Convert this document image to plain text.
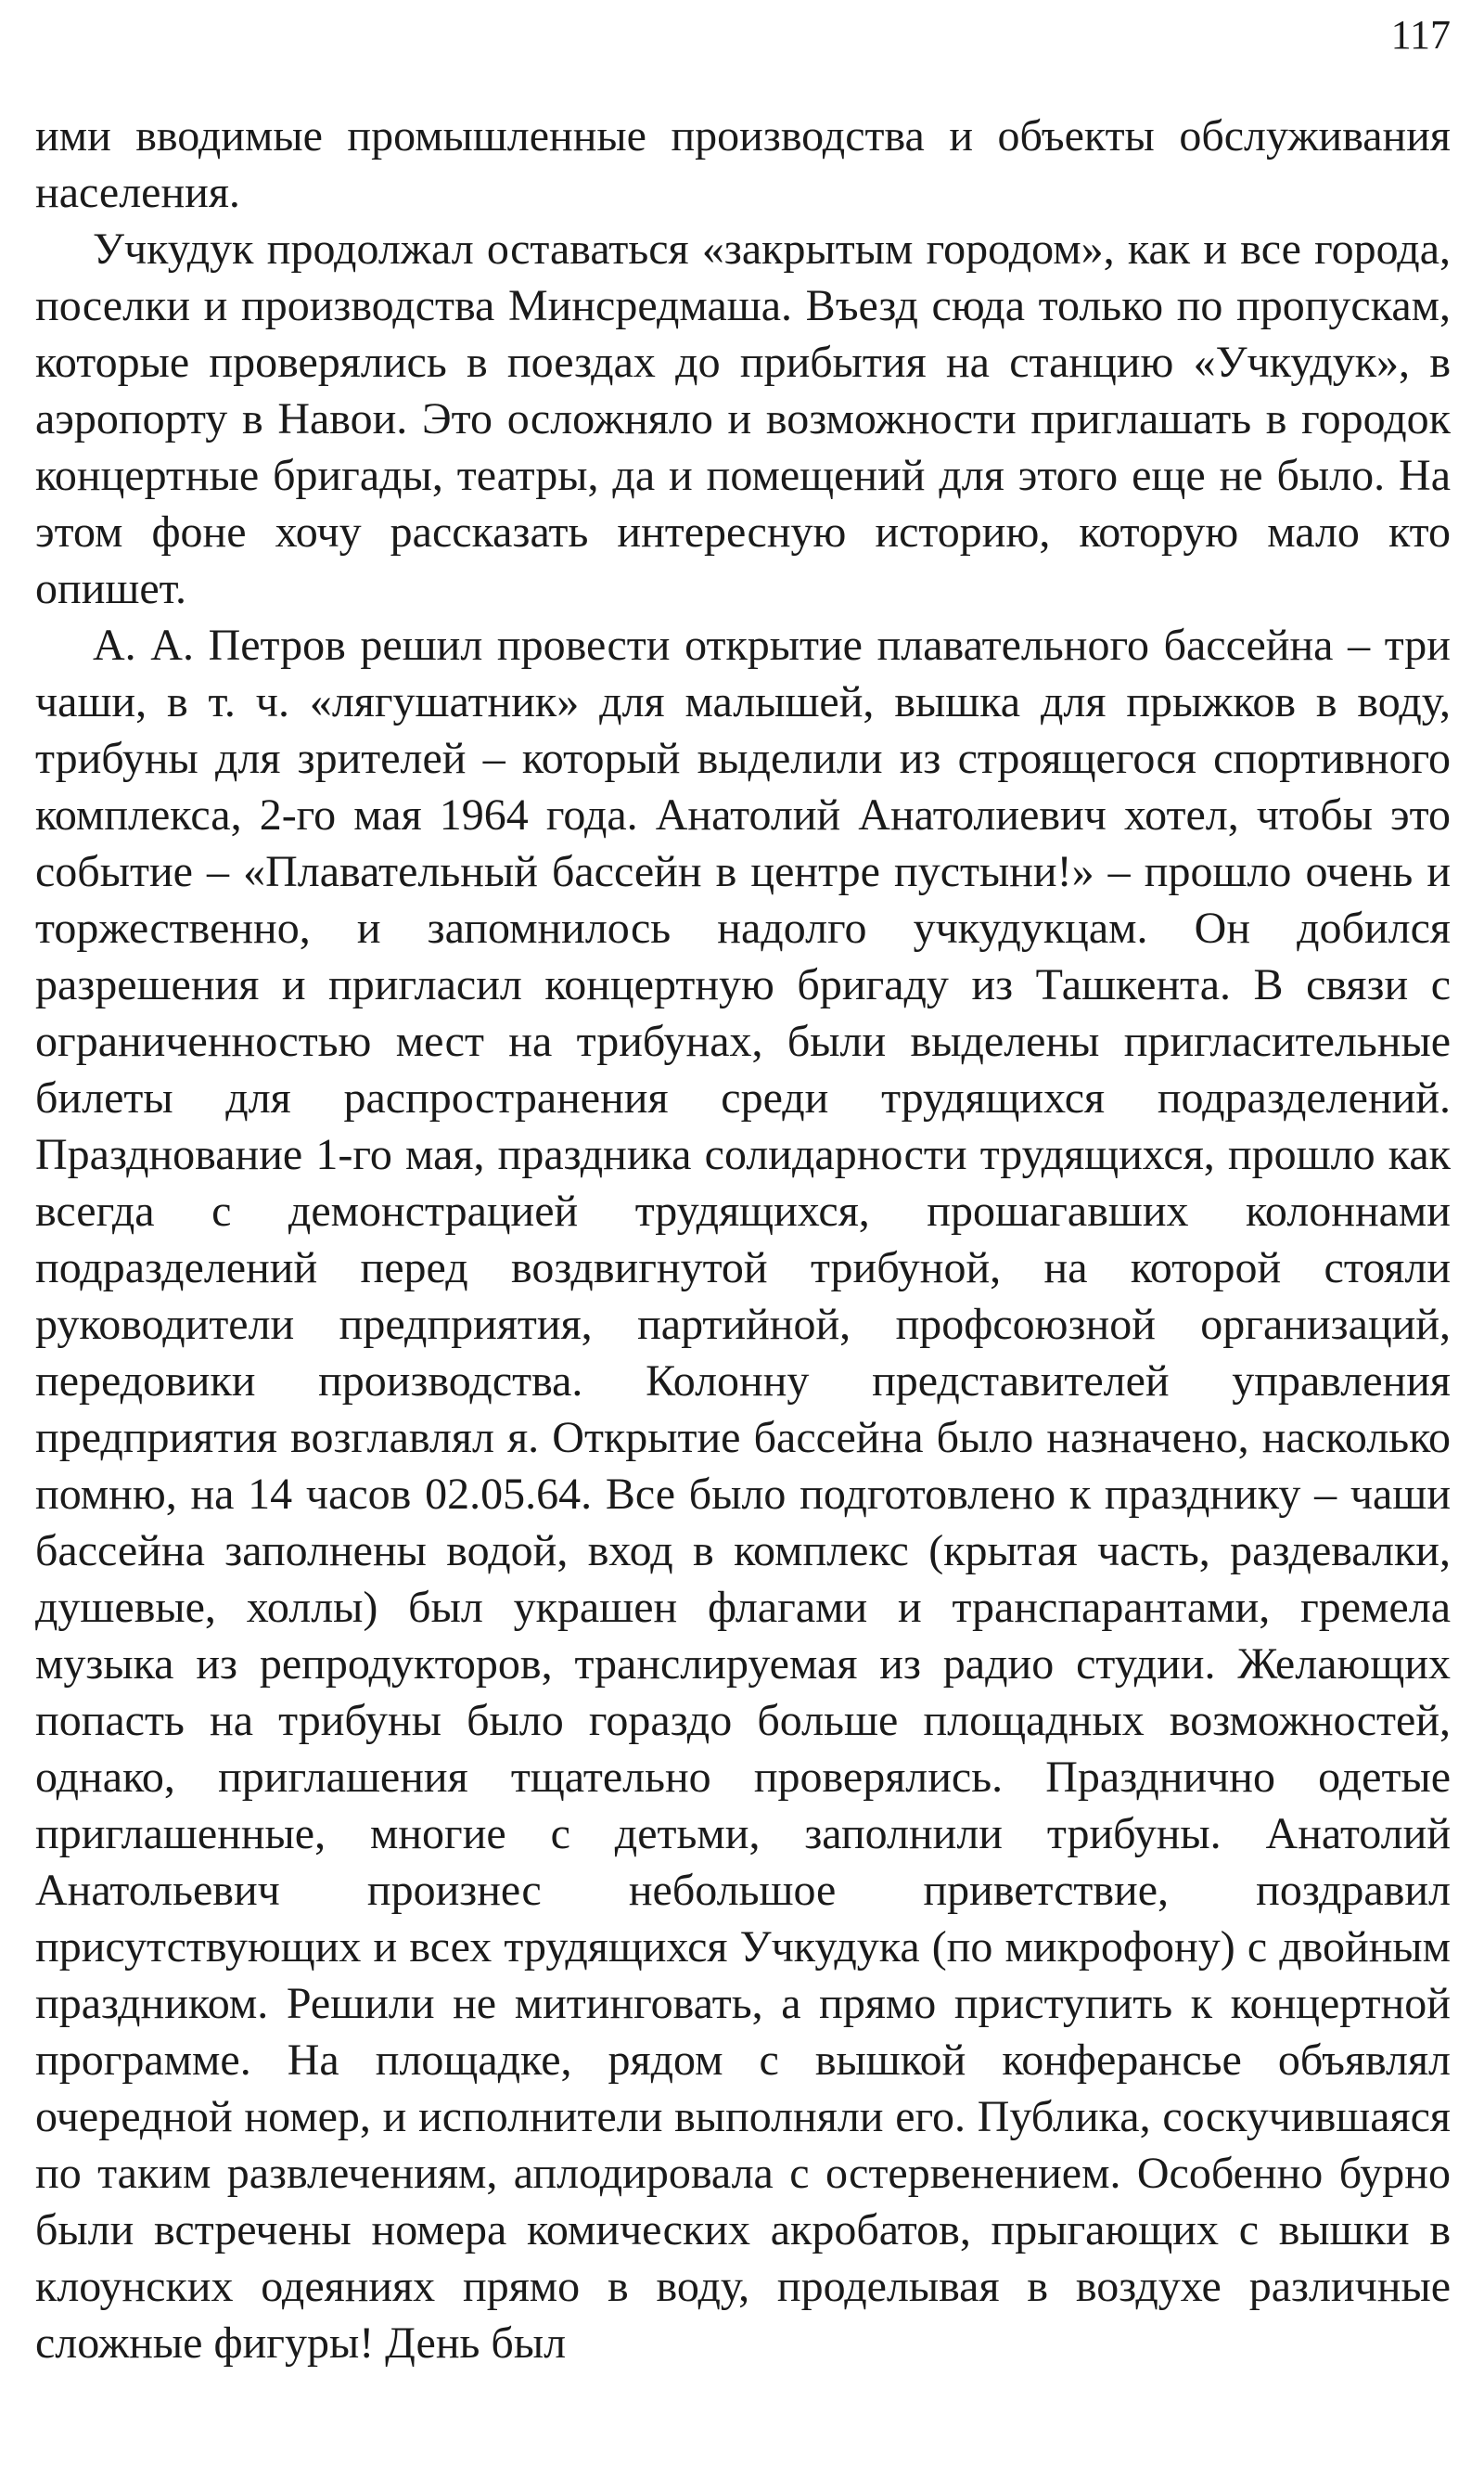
117

ими вводимые промышленные производства и объекты обслуживания населения.

Учкудук продолжал оставаться «закрытым городом», как и все города, поселки и производства Минсредмаша. Въезд сюда только по пропускам, которые проверялись в поездах до прибытия на станцию «Учкудук», в аэропорту в Навои. Это осложняло и возможности приглашать в городок концертные бригады, театры, да и помещений для этого еще не было. На этом фоне хочу рассказать интересную историю, которую мало кто опишет.

А. А. Петров решил провести открытие плавательного бассейна – три чаши, в т. ч. «лягушатник» для малышей, вышка для прыжков в воду, трибуны для зрителей – который выделили из строящегося спортивного комплекса, 2-го мая 1964 года. Анатолий Анатолиевич хотел, чтобы это событие – «Плавательный бассейн в центре пустыни!» – прошло очень и торжественно, и запомнилось надолго учкудукцам. Он добился разрешения и пригласил концертную бригаду из Ташкента. В связи с ограниченностью мест на трибунах, были выделены пригласительные билеты для распространения среди трудящихся подразделений. Празднование 1-го мая, праздника солидарности трудящихся, прошло как всегда с демонстрацией трудящихся, прошагавших колоннами подразделений перед воздвигнутой трибуной, на которой стояли руководители предприятия, партийной, профсоюзной организаций, передовики производства. Колонну представителей управления предприятия возглавлял я. Открытие бассейна было назначено, насколько помню, на 14 часов 02.05.64. Все было подготовлено к празднику – чаши бассейна заполнены водой, вход в комплекс (крытая часть, раздевалки, душевые, холлы) был украшен флагами и транспарантами, гремела музыка из репродукторов, транслируемая из радио студии. Желающих попасть на трибуны было гораздо больше площадных возможностей, однако, приглашения тщательно проверялись. Празднично одетые приглашенные, многие с детьми, заполнили трибуны. Анатолий Анатольевич произнес небольшое приветствие, поздравил присутствующих и всех трудящихся Учкудука (по микрофону) с двойным праздником. Решили не митинговать, а прямо приступить к концертной программе. На площадке, рядом с вышкой конферансье объявлял очередной номер, и исполнители выполняли его. Публика, соскучившаяся по таким развлечениям, аплодировала с остервенением. Особенно бурно были встречены номера комических акробатов, прыгающих с вышки в клоунских одеяниях прямо в воду, проделывая в воздухе различные сложные фигуры! День был
